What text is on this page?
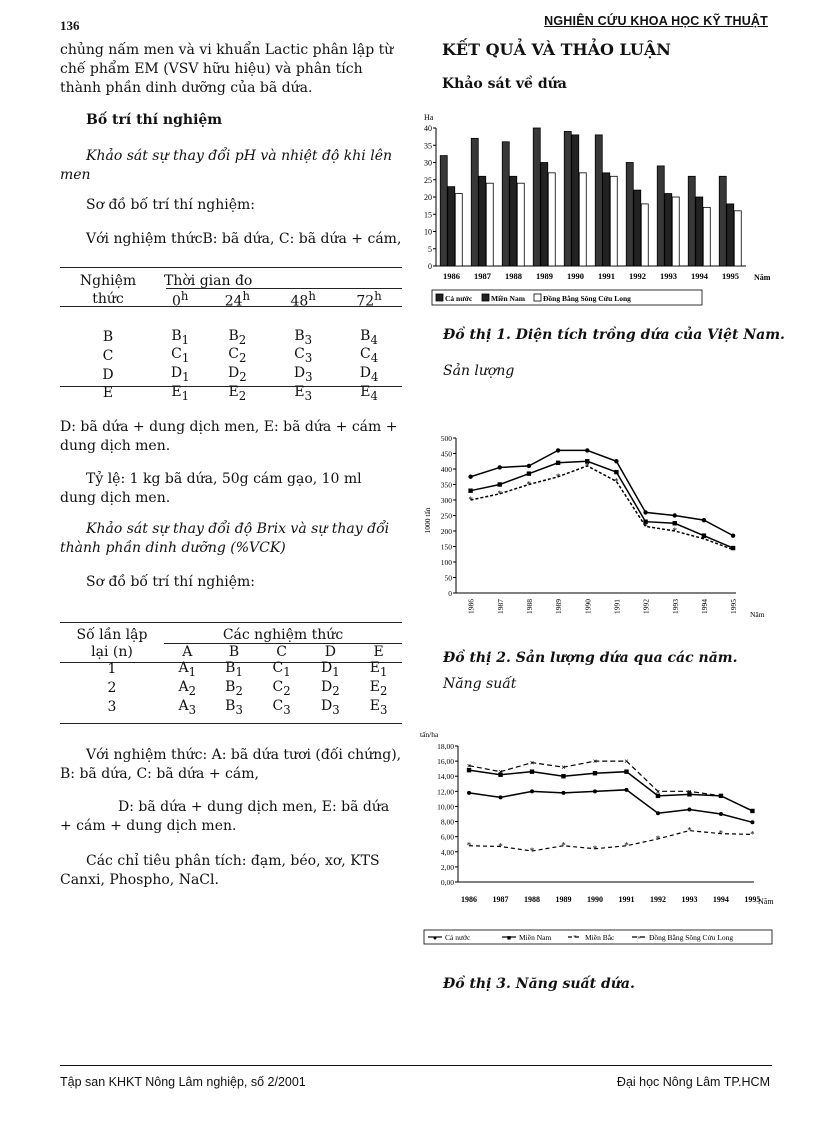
136	NGHIÊN CỨU KHOA HỌC KỸ THUẬT

chủng nấm men và vi khuẩn Lactic phân lập từ chế phẩm EM (VSV hữu hiệu) và phân tích thành phần dinh dưỡng của bã dứa.

Bố trí thí nghiệm
Khảo sát sự thay đổi pH và nhiệt độ khi lên men
Sơ đồ bố trí thí nghiệm:
Với nghiệm thứcB: bã dứa, C: bã dứa + cám,
Nghiệm	Thời gian đo			
thức	0$^h$	24$^h$	48$^h$	72$^h$

B	$B_1$	$B_2$	$B_3$	$B_4$
C	$C_1$	$C_2$	$C_3$	$C_4$
D	$D_1$	$D_2$	$D_3$	$D_4$
E	$E_1$	$E_2$	$E_3$	$E_4$
D: bã dứa + dung dịch men, E: bã dứa + cám + dung dịch men.
Tỷ lệ: 1 kg bã dứa, 50g cám gạo, 10 ml dung dịch men.
Khảo sát sự thay đổi độ Brix và sự thay đổi thành phần dinh dưỡng (%VCK)
Sơ đồ bố trí thí nghiệm:
Số lần lập	Các nghiệm thức				
lại (n)	A	B	C	D	E
1	$A_1$	$B_1$	$C_1$	$D_1$	$E_1$
2	$A_2$	$B_2$	$C_2$	$D_2$	$E_2$
3	$A_3$	$B_3$	$C_3$	$D_3$	$E_3$
Với nghiệm thức: A: bã dứa tươi (đối chứng), B: bã dứa, C: bã dứa + cám,
D: bã dứa + dung dịch men, E: bã dứa + cám + dung dịch men.
Các chỉ tiêu phân tích: đạm, béo, xơ, KTS Canxi, Phospho, NaCl.
KẾT QUẢ VÀ THẢO LUẬN
Khảo sát về dứa
0
5
10
15
20
25
30
35
40
Ha
1986 1987 1988 1989 1990 1991 1992 1993 1994 1995 Năm
Cả nước	Miền Nam Đồng Bằng Sông Cửu Long
Đồ thị 1. Diện tích trồng dứa của Việt Nam.
Sản lượng
0
50
100
150
200
250
300
350
400
450
500
1000 tấn
*
*
*
*
*
*
*	*
*
*
1986	1987	1988	1989	1990	1991	1992	1993	1994	1995
Năm
Đồ thị 2. Sản lượng dứa qua các năm.
Năng suất
0,00
2,00
4,00
6,00
8,00
10,00
12,00
14,00
16,00
18,00
tấn/ha
*	*	*
*	*	*
*
*	*	*
×
×
×
×
×	×
×	×
×
×
1986 1987 1988 1989 1990 1991 1992 1993 1994 1995
Năm
● Cả nước	■ Miền Nam	* Miền Bắc	× Đồng Bằng Sông Cửu Long
Đồ thị 3. Năng suất dứa.
Tập san KHKT Nông Lâm nghiệp, số 2/2001	Đại học Nông Lâm TP.HCM
